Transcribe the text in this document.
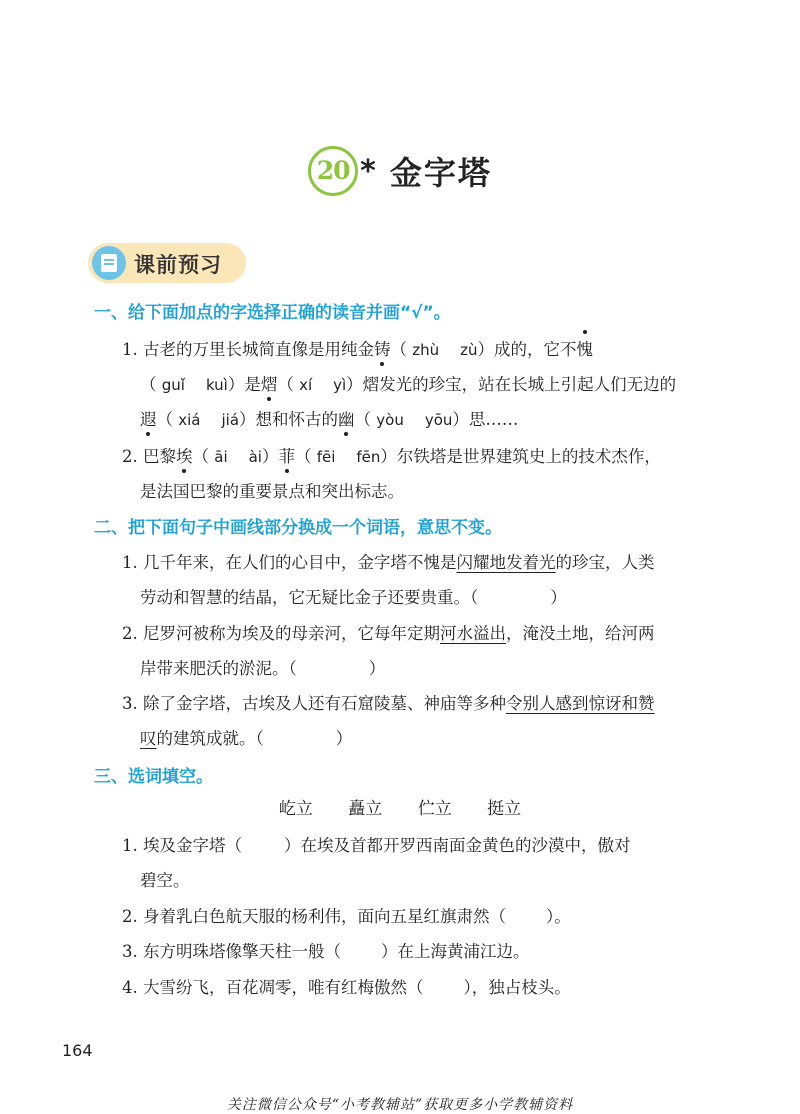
20 * 金字塔
课前预习
一、给下面加点的字选择正确的读音并画“√”。
1. 古老的万里长城简直像是用纯金铸（ zhù zù）成的，它不愧
（ guǐ kuì）是熠（ xí yì）熠发光的珍宝，站在长城上引起人们无边的
遐（ xiá jiá）想和怀古的幽（ yòu yōu）思……
2. 巴黎埃（ āi ài）菲（ fēi fēn）尔铁塔是世界建筑史上的技术杰作，
是法国巴黎的重要景点和突出标志。
二、把下面句子中画线部分换成一个词语，意思不变。
1. 几千年来，在人们的心目中，金字塔不愧是闪耀地发着光的珍宝，人类
劳动和智慧的结晶，它无疑比金子还要贵重。（	）
2. 尼罗河被称为埃及的母亲河，它每年定期河水溢出，淹没土地，给河两
岸带来肥沃的淤泥。（	）
3. 除了金字塔，古埃及人还有石窟陵墓、神庙等多种令别人感到惊讶和赞
叹的建筑成就。（	）
三、选词填空。
屹立 矗立 伫立 挺立
1. 埃及金字塔（	）在埃及首都开罗西南面金黄色的沙漠中，傲对
碧空。
2. 身着乳白色航天服的杨利伟，面向五星红旗肃然（ ）。
3. 东方明珠塔像擎天柱一般（ ）在上海黄浦江边。
4. 大雪纷飞，百花凋零，唯有红梅傲然（ ），独占枝头。
164
关注微信公众号“小考教辅站”获取更多小学教辅资料
